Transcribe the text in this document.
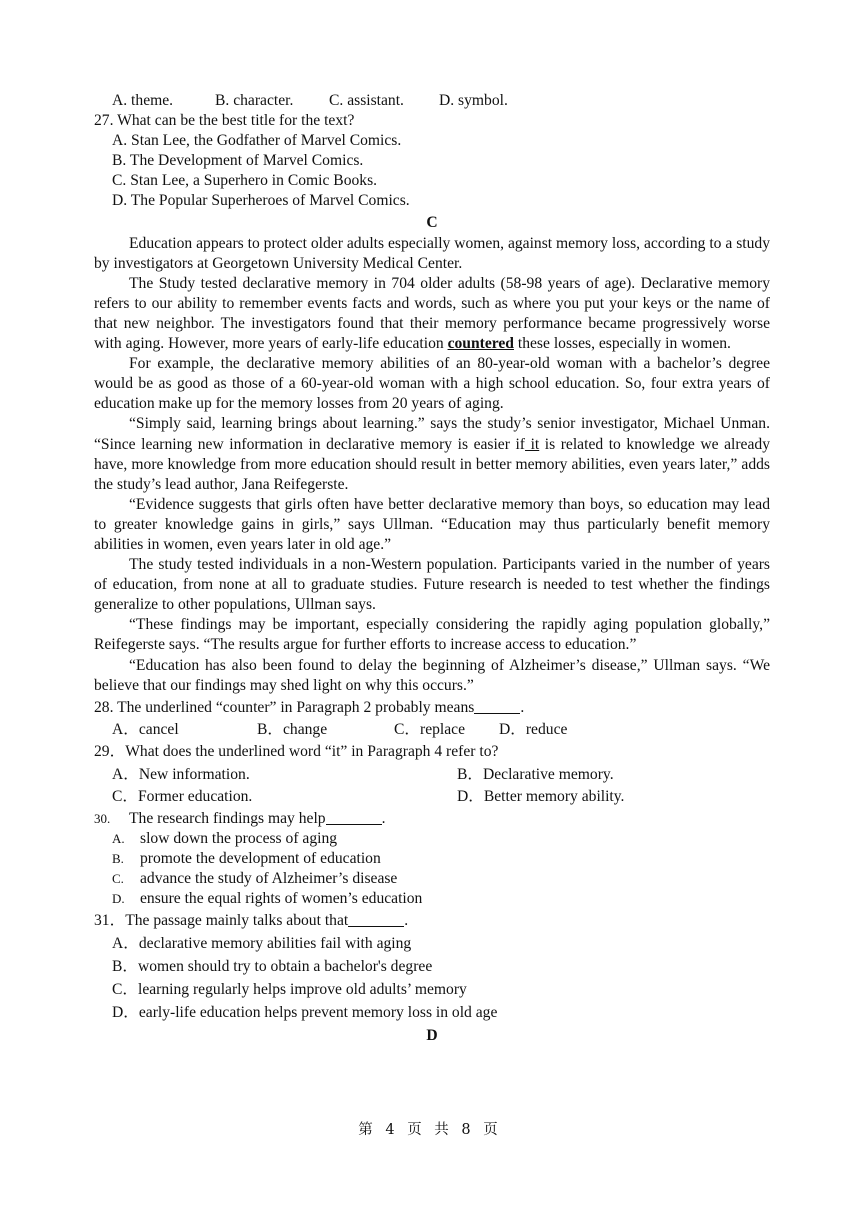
A. theme.	B. character. C. assistant. D. symbol.
27. What can be the best title for the text?
A. Stan Lee, the Godfather of Marvel Comics.
B. The Development of Marvel Comics.
C. Stan Lee, a Superhero in Comic Books.
D. The Popular Superheroes of Marvel Comics.
C
Education appears to protect older adults especially women, against memory loss, according to a study by investigators at Georgetown University Medical Center.
The Study tested declarative memory in 704 older adults (58-98 years of age). Declarative memory refers to our ability to remember events facts and words, such as where you put your keys or the name of that new neighbor. The investigators found that their memory performance became progressively worse with aging. However, more years of early-life education countered these losses, especially in women.
For example, the declarative memory abilities of an 80-year-old woman with a bachelor’s degree would be as good as those of a 60-year-old woman with a high school education. So, four extra years of education make up for the memory losses from 20 years of aging.
“Simply said, learning brings about learning.” says the study’s senior investigator, Michael Unman. “Since learning new information in declarative memory is easier if it is related to knowledge we already have, more knowledge from more education should result in better memory abilities, even years later,” adds the study’s lead author, Jana Reifegerste.
“Evidence suggests that girls often have better declarative memory than boys, so education may lead to greater knowledge gains in girls,” says Ullman. “Education may thus particularly benefit memory abilities in women, even years later in old age.”
The study tested individuals in a non-Western population. Participants varied in the number of years of education, from none at all to graduate studies. Future research is needed to test whether the findings generalize to other populations, Ullman says.
“These findings may be important, especially considering the rapidly aging population globally,” Reifegerste says. “The results argue for further efforts to increase access to education.”
“Education has also been found to delay the beginning of Alzheimer’s disease,” Ullman says. “We believe that our findings may shed light on why this occurs.”
28. The underlined “counter” in Paragraph 2 probably means	.
A．cancel	B．change	C．replace D．reduce
29．What does the underlined word “it” in Paragraph 4 refer to?
A．New information.	B．Declarative memory.
C．Former education.	D．Better memory ability.
30. The research findings may help	.
A. slow down the process of aging
B. promote the development of education
C. advance the study of Alzheimer’s disease
D. ensure the equal rights of women’s education
31．The passage mainly talks about that	.
A．declarative memory abilities fail with aging
B．women should try to obtain a bachelor's degree
C．learning regularly helps improve old adults’ memory
D．early-life education helps prevent memory loss in old age
D
第 4 页 共 8 页
